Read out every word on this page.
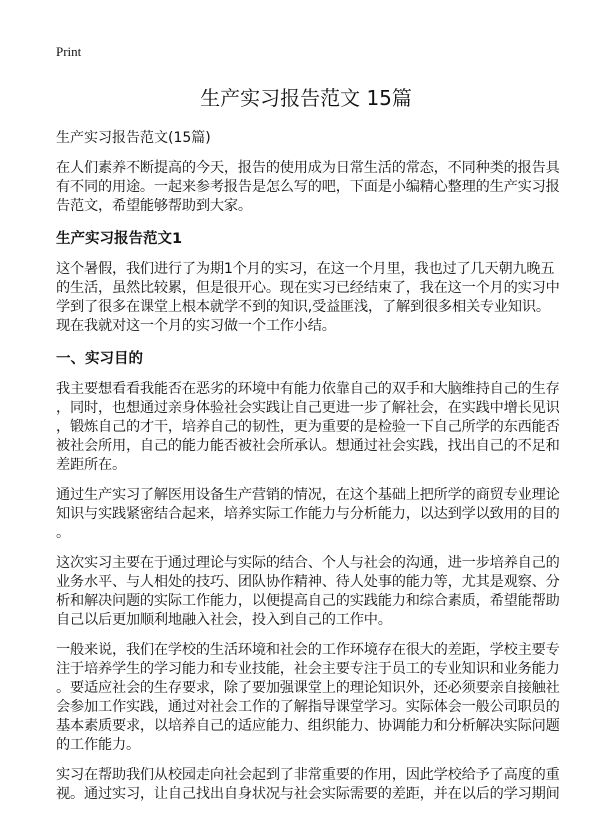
Print
生产实习报告范文 15篇
生产实习报告范文(15篇)
在人们素养不断提高的今天，报告的使用成为日常生活的常态，不同种类的报告具
有不同的用途。一起来参考报告是怎么写的吧，下面是小编精心整理的生产实习报
告范文，希望能够帮助到大家。
生产实习报告范文1
这个暑假，我们进行了为期1个月的实习，在这一个月里，我也过了几天朝九晚五
的生活，虽然比较累，但是很开心。现在实习已经结束了，我在这一个月的实习中
学到了很多在课堂上根本就学不到的知识,受益匪浅，了解到很多相关专业知识。
现在我就对这一个月的实习做一个工作小结。
一、实习目的
我主要想看看我能否在恶劣的环境中有能力依靠自己的双手和大脑维持自己的生存
，同时，也想通过亲身体验社会实践让自己更进一步了解社会，在实践中增长见识
，锻炼自己的才干，培养自己的韧性，更为重要的是检验一下自己所学的东西能否
被社会所用，自己的能力能否被社会所承认。想通过社会实践，找出自己的不足和
差距所在。
通过生产实习了解医用设备生产营销的情况，在这个基础上把所学的商贸专业理论
知识与实践紧密结合起来，培养实际工作能力与分析能力，以达到学以致用的目的
。
这次实习主要在于通过理论与实际的结合、个人与社会的沟通，进一步培养自己的
业务水平、与人相处的技巧、团队协作精神、待人处事的能力等，尤其是观察、分
析和解决问题的实际工作能力，以便提高自己的实践能力和综合素质，希望能帮助
自己以后更加顺利地融入社会，投入到自己的工作中。
一般来说，我们在学校的生活环境和社会的工作环境存在很大的差距，学校主要专
注于培养学生的学习能力和专业技能，社会主要专注于员工的专业知识和业务能力
。要适应社会的生存要求，除了要加强课堂上的理论知识外，还必须要亲自接触社
会参加工作实践，通过对社会工作的了解指导课堂学习。实际体会一般公司职员的
基本素质要求，以培养自己的适应能力、组织能力、协调能力和分析解决实际问题
的工作能力。
实习在帮助我们从校园走向社会起到了非常重要的作用，因此学校给予了高度的重
视。通过实习，让自己找出自身状况与社会实际需要的差距，并在以后的学习期间
